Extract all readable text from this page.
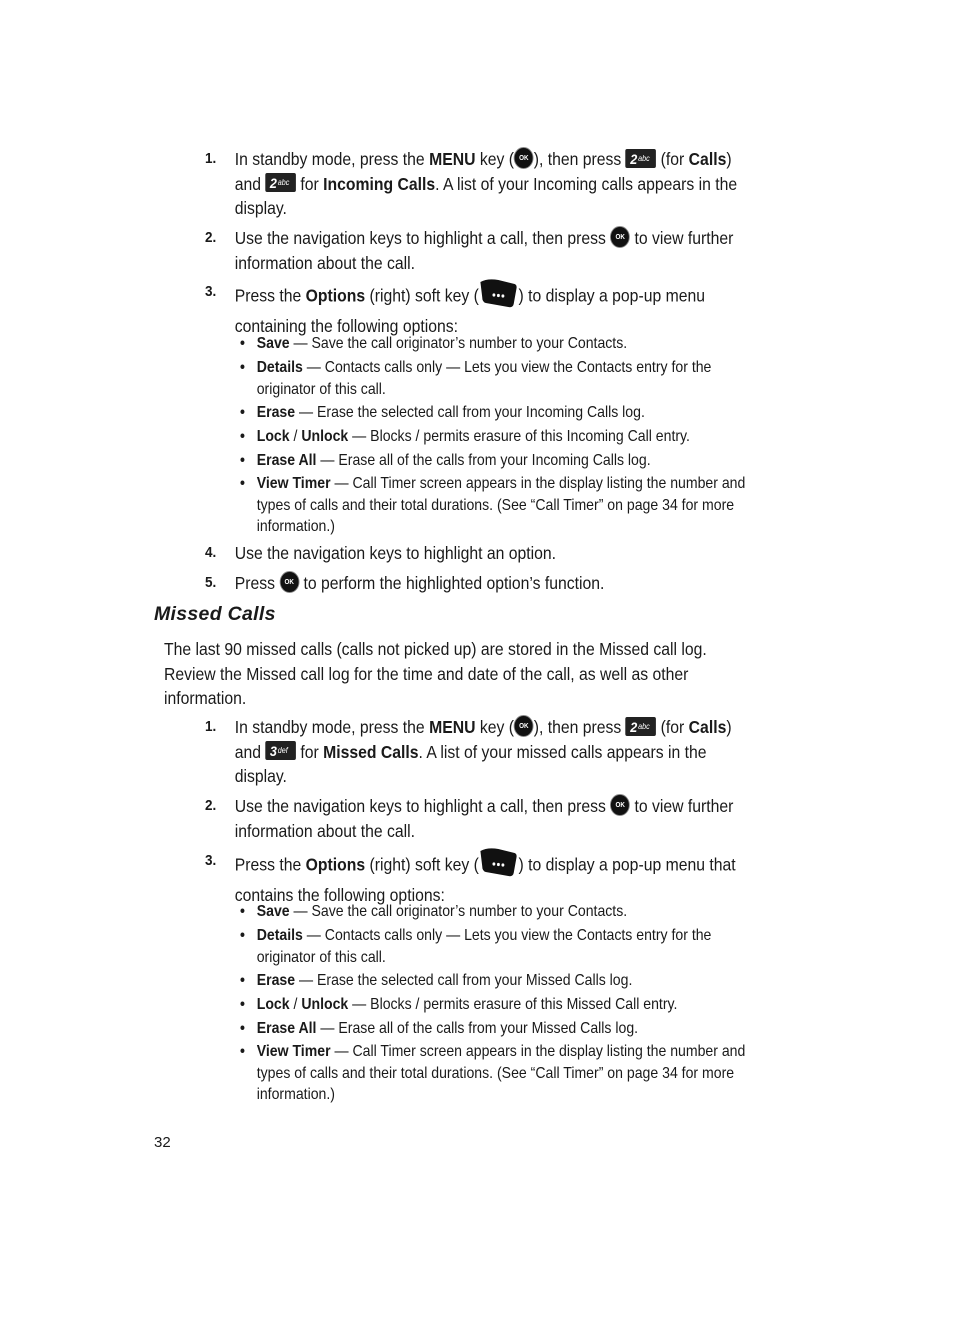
1. In standby mode, press the MENU key ( OK ), then press 2abc (for Calls)
and 2abc for Incoming Calls. A list of your Incoming calls appears in the
display.
2. Use the navigation keys to highlight a call, then press OK to view further
information about the call.
3. Press the Options (right) soft key ( ) to display a pop-up menu
containing the following options:
• Save — Save the call originator’s number to your Contacts.
• Details — Contacts calls only — Lets you view the Contacts entry for the
originator of this call.
• Erase — Erase the selected call from your Incoming Calls log.
• Lock / Unlock — Blocks / permits erasure of this Incoming Call entry.
• Erase All — Erase all of the calls from your Incoming Calls log.
• View Timer — Call Timer screen appears in the display listing the number and
types of calls and their total durations. (See “Call Timer” on page 34 for more
information.)
4. Use the navigation keys to highlight an option.
5. Press OK to perform the highlighted option’s function.
Missed Calls
The last 90 missed calls (calls not picked up) are stored in the Missed call log.
Review the Missed call log for the time and date of the call, as well as other
information.
1. In standby mode, press the MENU key ( OK ), then press 2abc (for Calls)
and 3def for Missed Calls. A list of your missed calls appears in the
display.
2. Use the navigation keys to highlight a call, then press OK to view further
information about the call.
3. Press the Options (right) soft key ( ) to display a pop-up menu that
contains the following options:
• Save — Save the call originator’s number to your Contacts.
• Details — Contacts calls only — Lets you view the Contacts entry for the
originator of this call.
• Erase — Erase the selected call from your Missed Calls log.
• Lock / Unlock — Blocks / permits erasure of this Missed Call entry.
• Erase All — Erase all of the calls from your Missed Calls log.
• View Timer — Call Timer screen appears in the display listing the number and
types of calls and their total durations. (See “Call Timer” on page 34 for more
information.)
32
